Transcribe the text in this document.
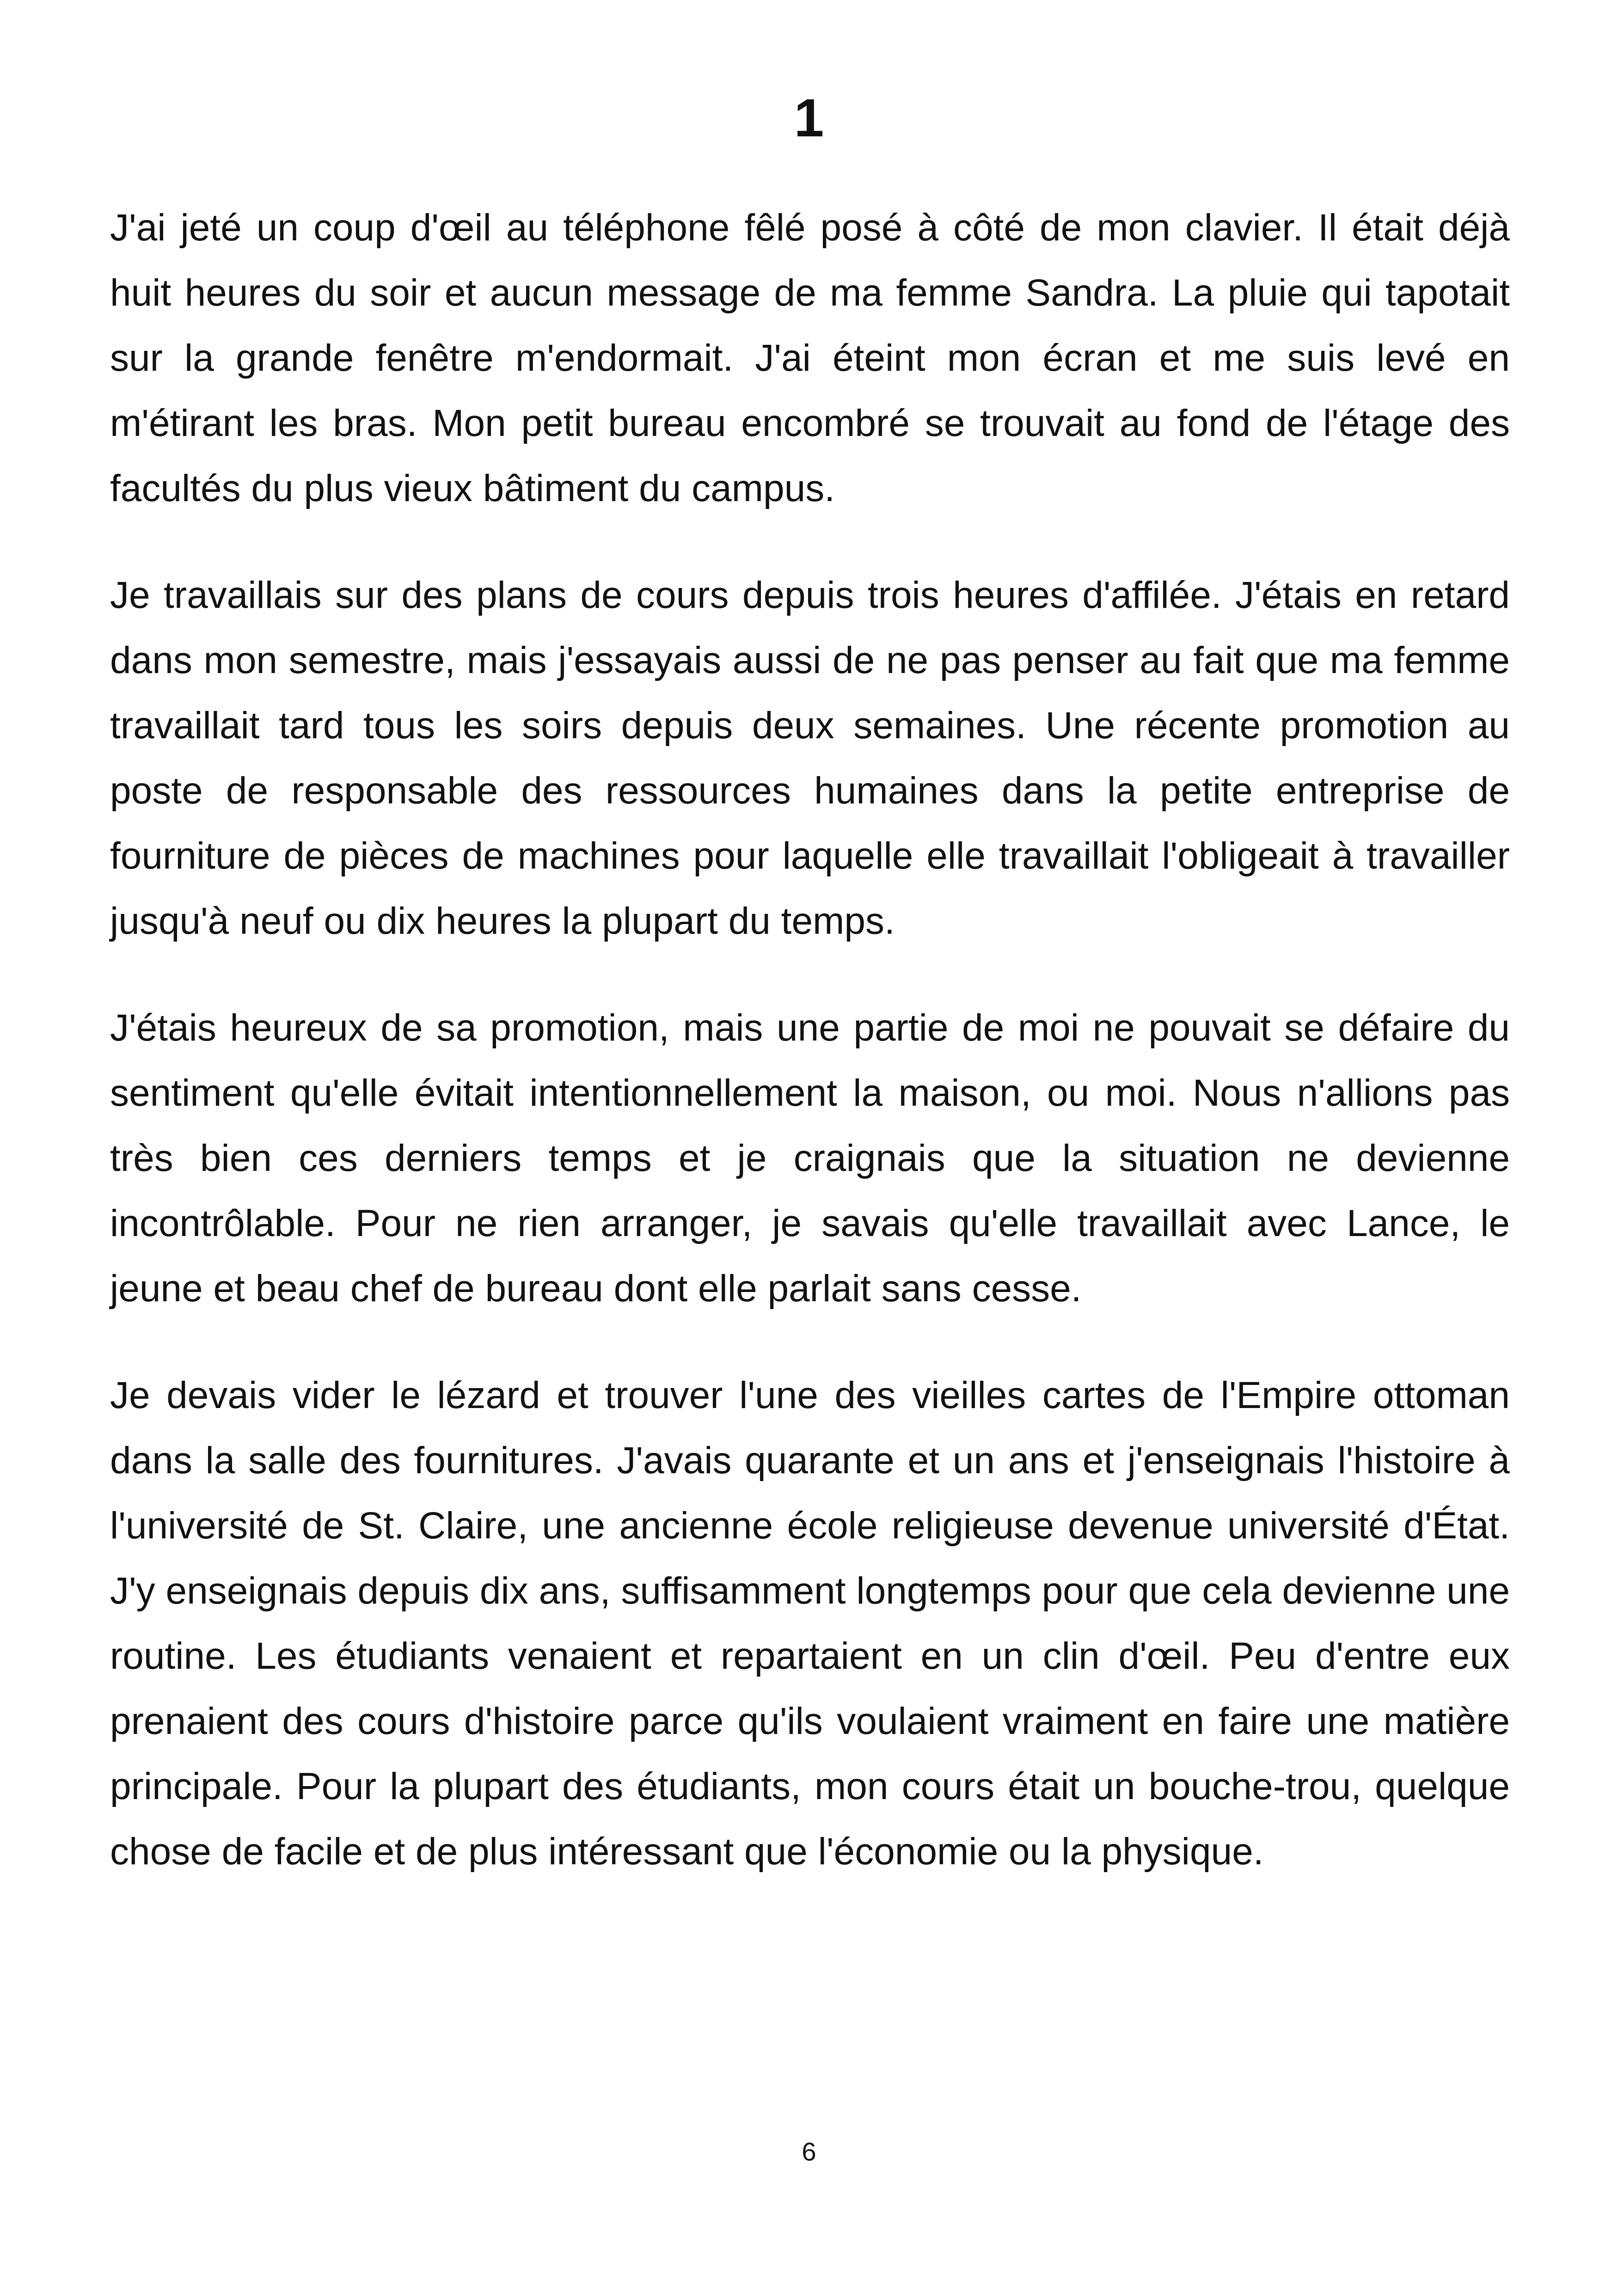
1

J'ai jeté un coup d'œil au téléphone fêlé posé à côté de mon clavier. Il était déjà huit heures du soir et aucun message de ma femme Sandra. La pluie qui tapotait sur la grande fenêtre m'endormait. J'ai éteint mon écran et me suis levé en m'étirant les bras. Mon petit bureau encombré se trouvait au fond de l'étage des facultés du plus vieux bâtiment du campus.

Je travaillais sur des plans de cours depuis trois heures d'affilée. J'étais en retard dans mon semestre, mais j'essayais aussi de ne pas penser au fait que ma femme travaillait tard tous les soirs depuis deux semaines. Une récente promotion au poste de responsable des ressources humaines dans la petite entreprise de fourniture de pièces de machines pour laquelle elle travaillait l'obligeait à travailler jusqu'à neuf ou dix heures la plupart du temps.

J'étais heureux de sa promotion, mais une partie de moi ne pouvait se défaire du sentiment qu'elle évitait intentionnellement la maison, ou moi. Nous n'allions pas très bien ces derniers temps et je craignais que la situation ne devienne incontrôlable. Pour ne rien arranger, je savais qu'elle travaillait avec Lance, le jeune et beau chef de bureau dont elle parlait sans cesse.

Je devais vider le lézard et trouver l'une des vieilles cartes de l'Empire ottoman dans la salle des fournitures. J'avais quarante et un ans et j'enseignais l'histoire à l'université de St. Claire, une ancienne école religieuse devenue université d'État. J'y enseignais depuis dix ans, suffisamment longtemps pour que cela devienne une routine. Les étudiants venaient et repartaient en un clin d'œil. Peu d'entre eux prenaient des cours d'histoire parce qu'ils voulaient vraiment en faire une matière principale. Pour la plupart des étudiants, mon cours était un bouche-trou, quelque chose de facile et de plus intéressant que l'économie ou la physique.

6
